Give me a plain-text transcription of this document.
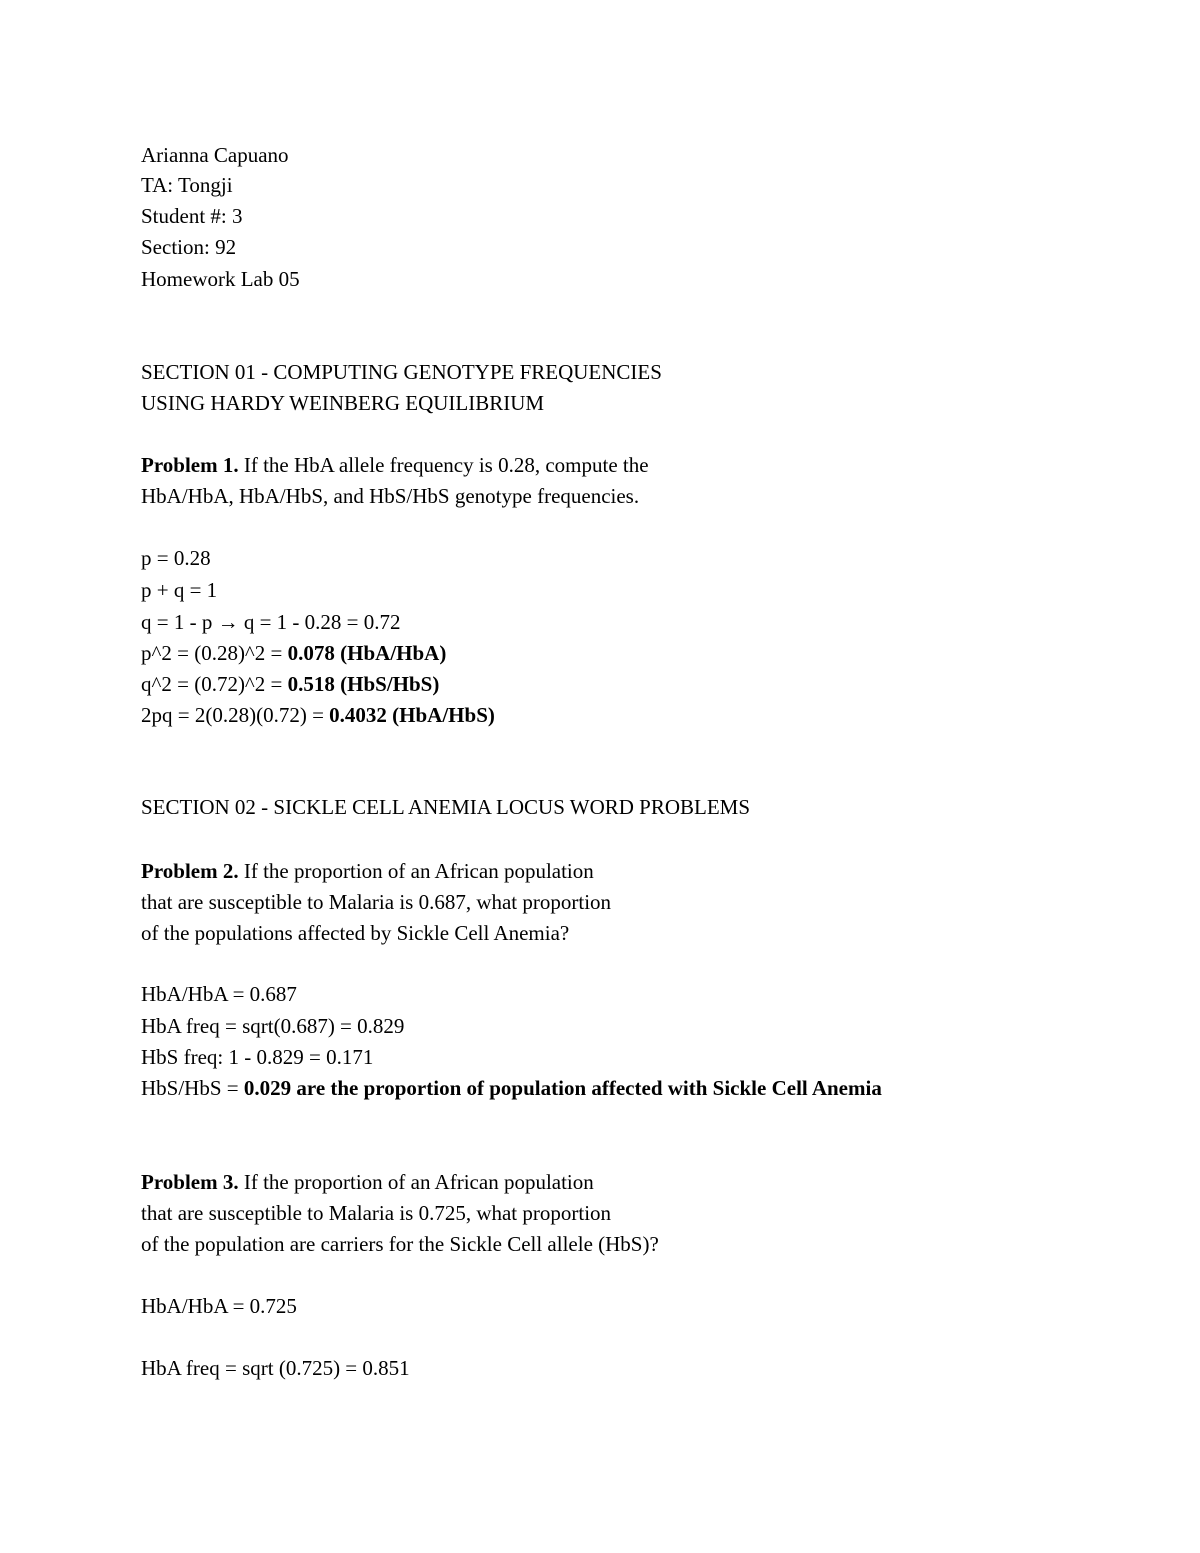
Arianna Capuano
TA: Tongji
Student #: 3
Section: 92
Homework Lab 05
SECTION 01 - COMPUTING GENOTYPE FREQUENCIES
USING HARDY WEINBERG EQUILIBRIUM
Problem 1. If the HbA allele frequency is 0.28, compute the
HbA/HbA, HbA/HbS, and HbS/HbS genotype frequencies.
p = 0.28
p + q = 1
q = 1 - p → q = 1 - 0.28 = 0.72
p^2 = (0.28)^2 = 0.078 (HbA/HbA)
q^2 = (0.72)^2 = 0.518 (HbS/HbS)
2pq = 2(0.28)(0.72) = 0.4032 (HbA/HbS)
SECTION 02 - SICKLE CELL ANEMIA LOCUS WORD PROBLEMS
Problem 2. If the proportion of an African population
that are susceptible to Malaria is 0.687, what proportion
of the populations affected by Sickle Cell Anemia?
HbA/HbA = 0.687
HbA freq = sqrt(0.687) = 0.829
HbS freq: 1 - 0.829 = 0.171
HbS/HbS = 0.029 are the proportion of population affected with Sickle Cell Anemia
Problem 3. If the proportion of an African population
that are susceptible to Malaria is 0.725, what proportion
of the population are carriers for the Sickle Cell allele (HbS)?
HbA/HbA = 0.725
HbA freq = sqrt (0.725) = 0.851
